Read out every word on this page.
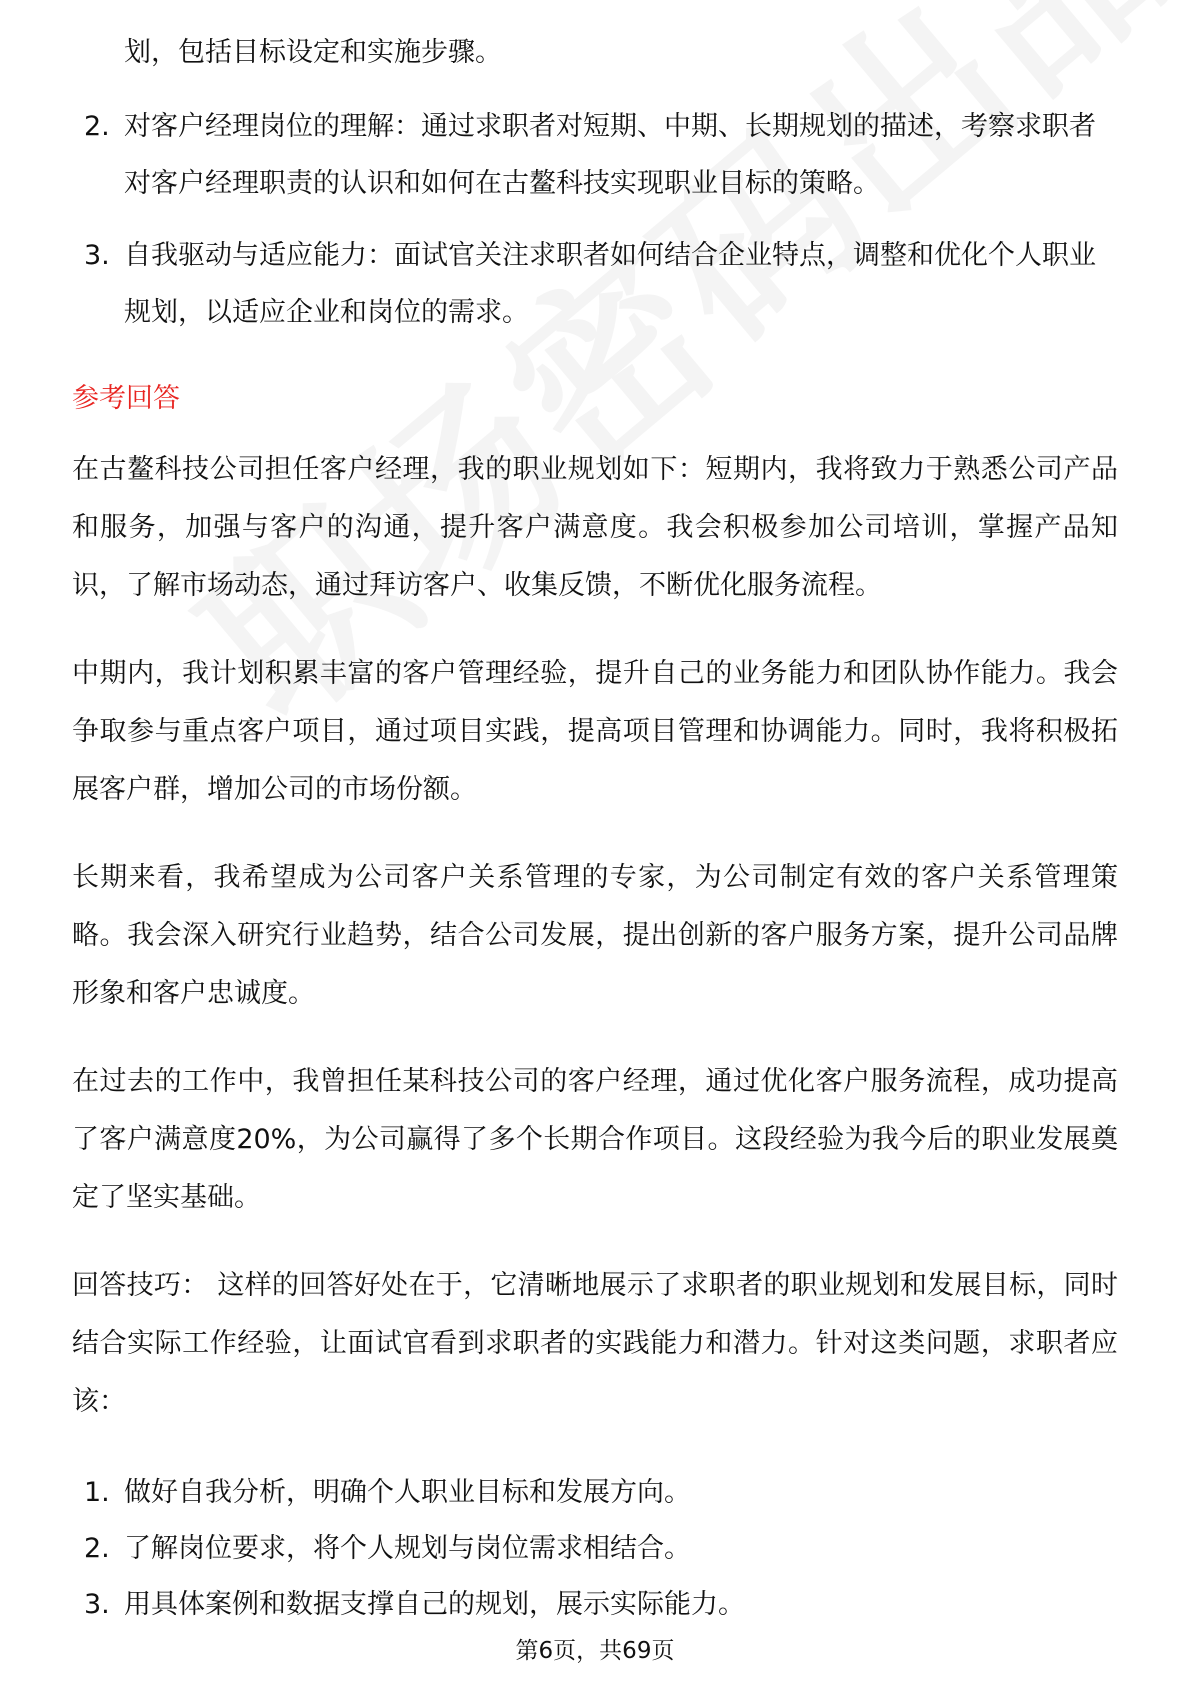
划，包括目标设定和实施步骤。
2. 对客户经理岗位的理解：通过求职者对短期、中期、长期规划的描述，考察求职者对客户经理职责的认识和如何在古鳌科技实现职业目标的策略。
3. 自我驱动与适应能力：面试官关注求职者如何结合企业特点，调整和优化个人职业规划，以适应企业和岗位的需求。
参考回答
在古鳌科技公司担任客户经理，我的职业规划如下：短期内，我将致力于熟悉公司产品和服务，加强与客户的沟通，提升客户满意度。我会积极参加公司培训，掌握产品知识，了解市场动态，通过拜访客户、收集反馈，不断优化服务流程。
中期内，我计划积累丰富的客户管理经验，提升自己的业务能力和团队协作能力。我会争取参与重点客户项目，通过项目实践，提高项目管理和协调能力。同时，我将积极拓展客户群，增加公司的市场份额。
长期来看，我希望成为公司客户关系管理的专家，为公司制定有效的客户关系管理策略。我会深入研究行业趋势，结合公司发展，提出创新的客户服务方案，提升公司品牌形象和客户忠诚度。
在过去的工作中，我曾担任某科技公司的客户经理，通过优化客户服务流程，成功提高了客户满意度20%，为公司赢得了多个长期合作项目。这段经验为我今后的职业发展奠定了坚实基础。
回答技巧： 这样的回答好处在于，它清晰地展示了求职者的职业规划和发展目标，同时结合实际工作经验，让面试官看到求职者的实践能力和潜力。针对这类问题，求职者应该：
1. 做好自我分析，明确个人职业目标和发展方向。
2. 了解岗位要求，将个人规划与岗位需求相结合。
3. 用具体案例和数据支撑自己的规划，展示实际能力。
第6页，共69页
